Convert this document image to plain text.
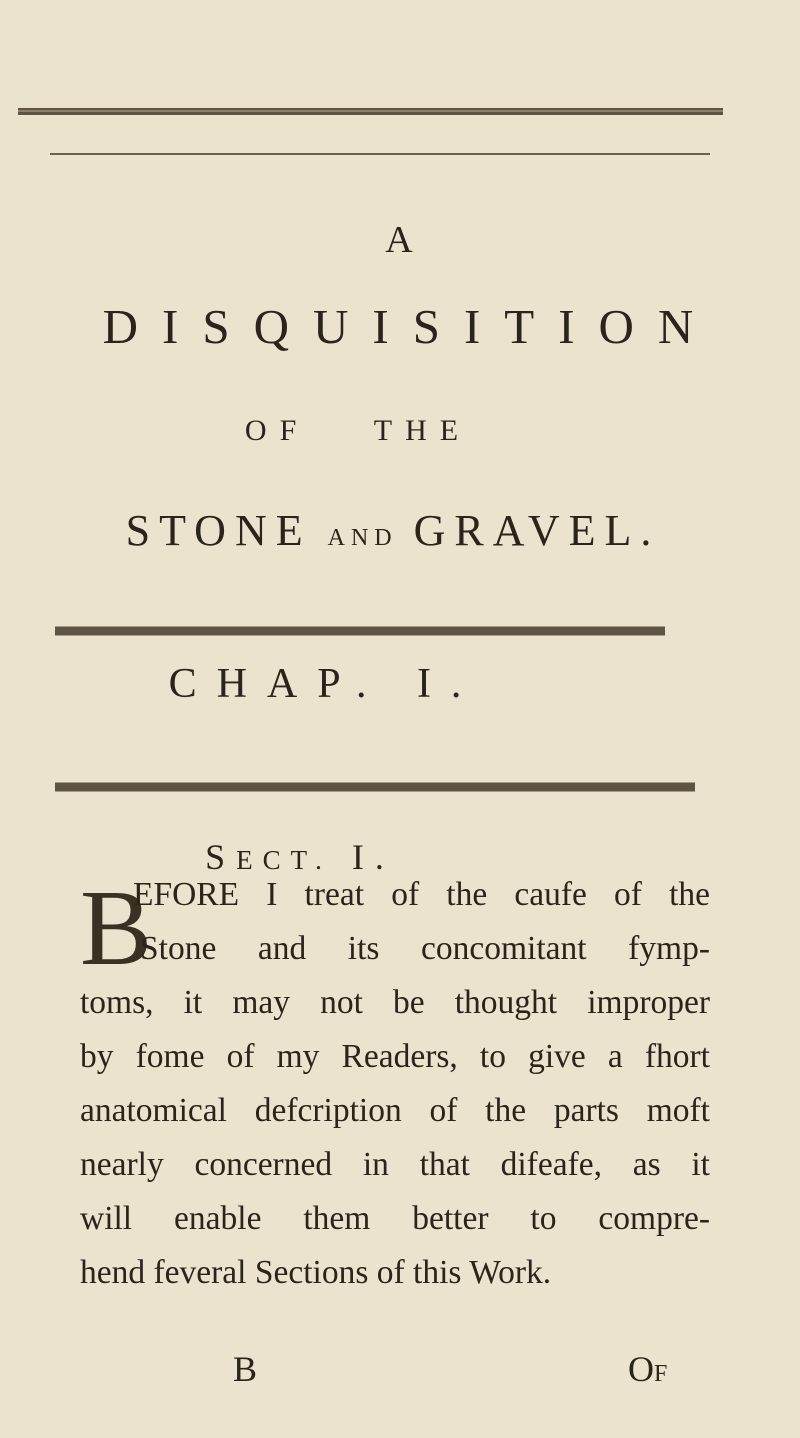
A
DISQUISITION
OF THE
STONE AND GRAVEL.
CHAP. I.
SECT. I.
B
EFORE I treat of the caufe of the
Stone and its concomitant fymp-
toms, it may not be thought improper
by fome of my Readers, to give a fhort
anatomical defcription of the parts moft
nearly concerned in that difeafe, as it
will enable them better to compre-
hend feveral Sections of this Work.
B	OF
